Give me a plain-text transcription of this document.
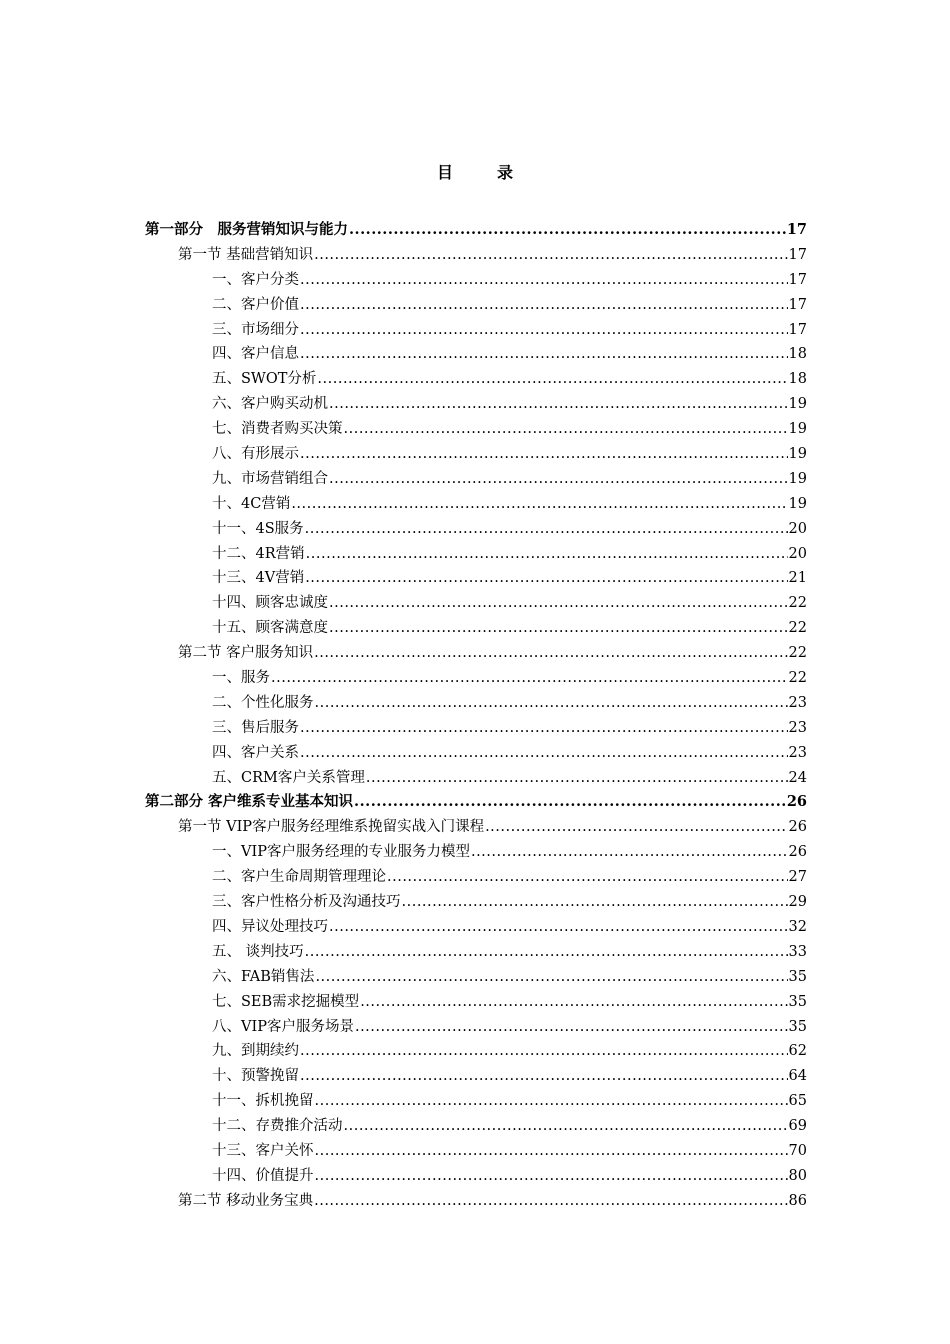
目　录
第一部分　服务营销知识与能力 .....	17
第一节 基础营销知识 .....	17
一、客户分类 .....	17
二、客户价值 .....	17
三、市场细分 .....	17
四、客户信息 .....	18
五、SWOT分析 .....	18
六、客户购买动机 .....	19
七、消费者购买决策 .....	19
八、有形展示 .....	19
九、市场营销组合 .....	19
十、4C营销 .....	19
十一、4S服务 .....	20
十二、4R营销 .....	20
十三、4V营销 .....	21
十四、顾客忠诚度 .....	22
十五、顾客满意度 .....	22
第二节 客户服务知识 .....	22
一、服务 .....	22
二、个性化服务 .....	23
三、售后服务 .....	23
四、客户关系 .....	23
五、CRM客户关系管理 .....	24
第二部分 客户维系专业基本知识 .....	26
第一节 VIP客户服务经理维系挽留实战入门课程 .....	26
一、VIP客户服务经理的专业服务力模型 .....	26
二、客户生命周期管理理论 .....	27
三、客户性格分析及沟通技巧 .....	29
四、异议处理技巧 .....	32
五、 谈判技巧 .....	33
六、FAB销售法 .....	35
七、SEB需求挖掘模型 .....	35
八、VIP客户服务场景 .....	35
九、到期续约 .....	62
十、预警挽留 .....	64
十一、拆机挽留 .....	65
十二、存费推介活动 .....	69
十三、客户关怀 .....	70
十四、价值提升 .....	80
第二节 移动业务宝典 .....	86
